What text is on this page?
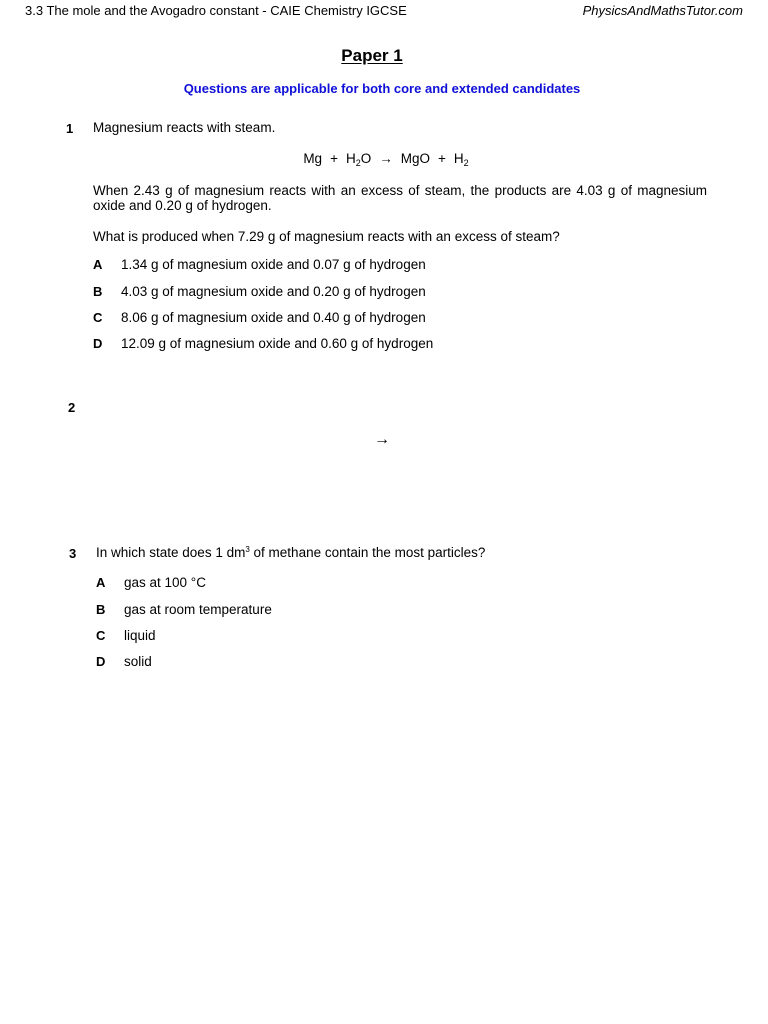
3.3 The mole and the Avogadro constant - CAIE Chemistry IGCSE	PhysicsAndMathsTutor.com
Paper 1
Questions are applicable for both core and extended candidates
1 Magnesium reacts with steam.
$Mg + H_2O$ → MgO + $H_2$
When 2.43 g of magnesium reacts with an excess of steam, the products are 4.03 g of magnesium oxide and 0.20 g of hydrogen.
What is produced when 7.29 g of magnesium reacts with an excess of steam?
A 1.34 g of magnesium oxide and 0.07 g of hydrogen
B 4.03 g of magnesium oxide and 0.20 g of hydrogen
C 8.06 g of magnesium oxide and 0.40 g of hydrogen
D 12.09 g of magnesium oxide and 0.60 g of hydrogen
2
→
3 In which state does 1 $dm^3$ of methane contain the most particles?
A gas at 100 °C
B gas at room temperature
C liquid
D solid
